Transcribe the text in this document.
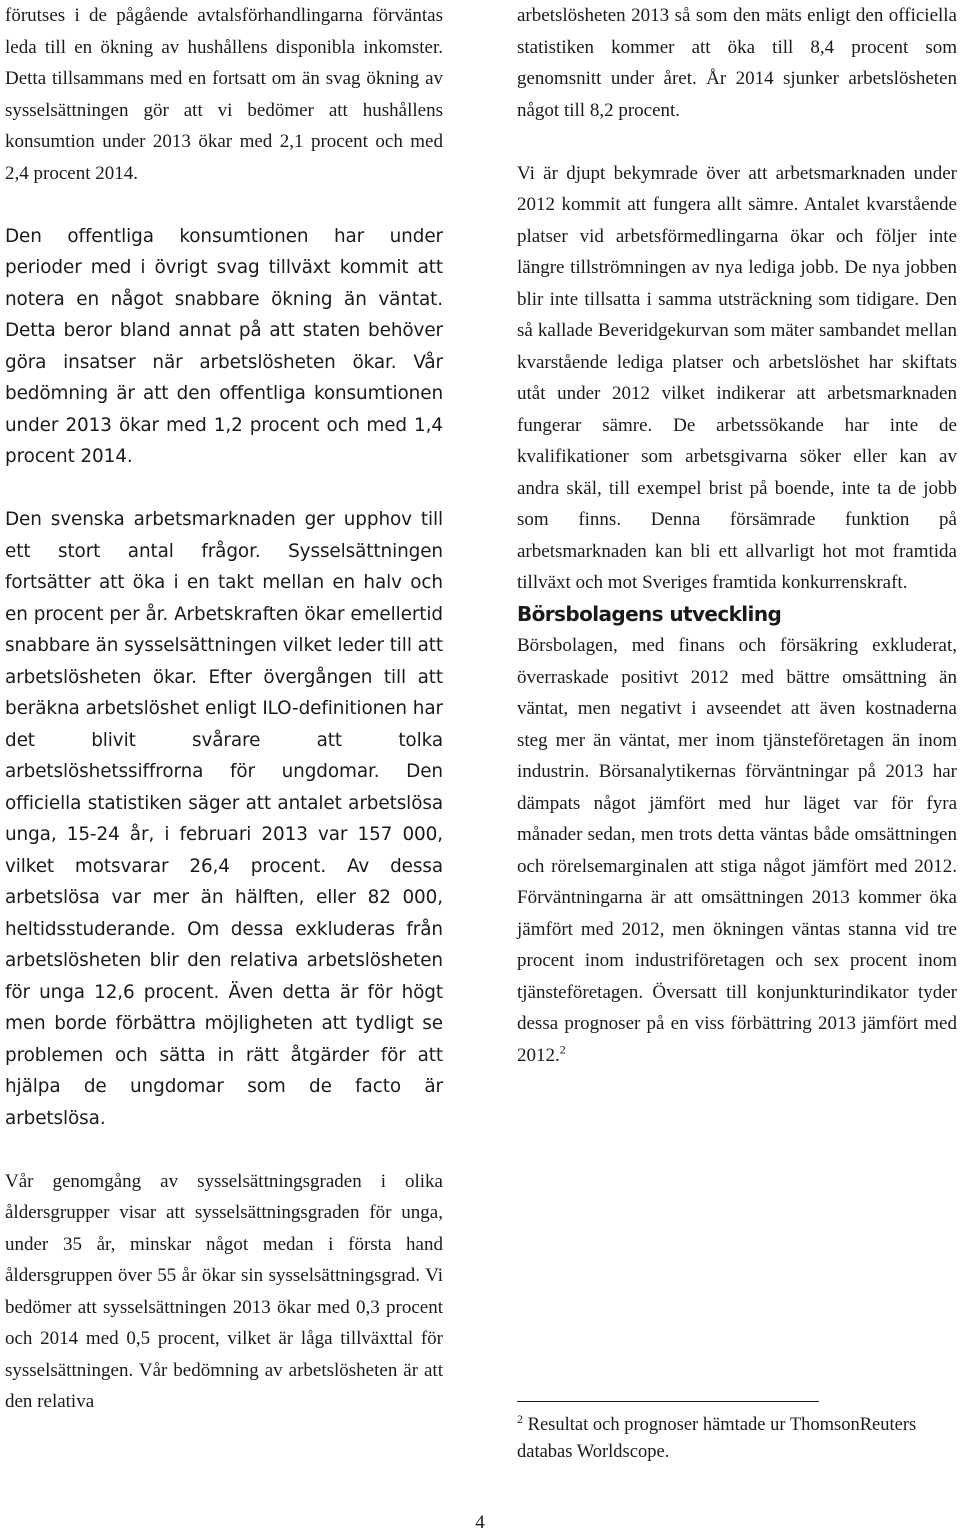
förutses i de pågående avtalsförhandlingarna förväntas leda till en ökning av hushållens disponibla inkomster. Detta tillsammans med en fortsatt om än svag ökning av sysselsättningen gör att vi bedömer att hushållens konsumtion under 2013 ökar med 2,1 procent och med 2,4 procent 2014.

Den offentliga konsumtionen har under perioder med i övrigt svag tillväxt kommit att notera en något snabbare ökning än väntat. Detta beror bland annat på att staten behöver göra insatser när arbetslösheten ökar. Vår bedömning är att den offentliga konsumtionen under 2013 ökar med 1,2 procent och med 1,4 procent 2014.

Den svenska arbetsmarknaden ger upphov till ett stort antal frågor. Sysselsättningen fortsätter att öka i en takt mellan en halv och en procent per år. Arbetskraften ökar emellertid snabbare än sysselsättningen vilket leder till att arbetslösheten ökar. Efter övergången till att beräkna arbetslöshet enligt ILO-definitionen har det blivit svårare att tolka arbetslöshetssiffrorna för ungdomar. Den officiella statistiken säger att antalet arbetslösa unga, 15-24 år, i februari 2013 var 157 000, vilket motsvarar 26,4 procent. Av dessa arbetslösa var mer än hälften, eller 82 000, heltidsstuderande. Om dessa exkluderas från arbetslösheten blir den relativa arbetslösheten för unga 12,6 procent. Även detta är för högt men borde förbättra möjligheten att tydligt se problemen och sätta in rätt åtgärder för att hjälpa de ungdomar som de facto är arbetslösa.

Vår genomgång av sysselsättningsgraden i olika åldersgrupper visar att sysselsättningsgraden för unga, under 35 år, minskar något medan i första hand åldersgruppen över 55 år ökar sin sysselsättningsgrad. Vi bedömer att sysselsättningen 2013 ökar med 0,3 procent och 2014 med 0,5 procent, vilket är låga tillväxttal för sysselsättningen. Vår bedömning av arbetslösheten är att den relativa

arbetslösheten 2013 så som den mäts enligt den officiella statistiken kommer att öka till 8,4 procent som genomsnitt under året. År 2014 sjunker arbetslösheten något till 8,2 procent.

Vi är djupt bekymrade över att arbetsmarknaden under 2012 kommit att fungera allt sämre. Antalet kvarstående platser vid arbetsförmedlingarna ökar och följer inte längre tillströmningen av nya lediga jobb. De nya jobben blir inte tillsatta i samma utsträckning som tidigare. Den så kallade Beveridgekurvan som mäter sambandet mellan kvarstående lediga platser och arbetslöshet har skiftats utåt under 2012 vilket indikerar att arbetsmarknaden fungerar sämre. De arbetssökande har inte de kvalifikationer som arbetsgivarna söker eller kan av andra skäl, till exempel brist på boende, inte ta de jobb som finns. Denna försämrade funktion på arbetsmarknaden kan bli ett allvarligt hot mot framtida tillväxt och mot Sveriges framtida konkurrenskraft.

Börsbolagens utveckling

Börsbolagen, med finans och försäkring exkluderat, överraskade positivt 2012 med bättre omsättning än väntat, men negativt i avseendet att även kostnaderna steg mer än väntat, mer inom tjänsteföretagen än inom industrin. Börsanalytikernas förväntningar på 2013 har dämpats något jämfört med hur läget var för fyra månader sedan, men trots detta väntas både omsättningen och rörelsemarginalen att stiga något jämfört med 2012. Förväntningarna är att omsättningen 2013 kommer öka jämfört med 2012, men ökningen väntas stanna vid tre procent inom industriföretagen och sex procent inom tjänsteföretagen. Översatt till konjunkturindikator tyder dessa prognoser på en viss förbättring 2013 jämfört med 2012.$^2$

$^2$ Resultat och prognoser hämtade ur ThomsonReuters databas Worldscope.
4
